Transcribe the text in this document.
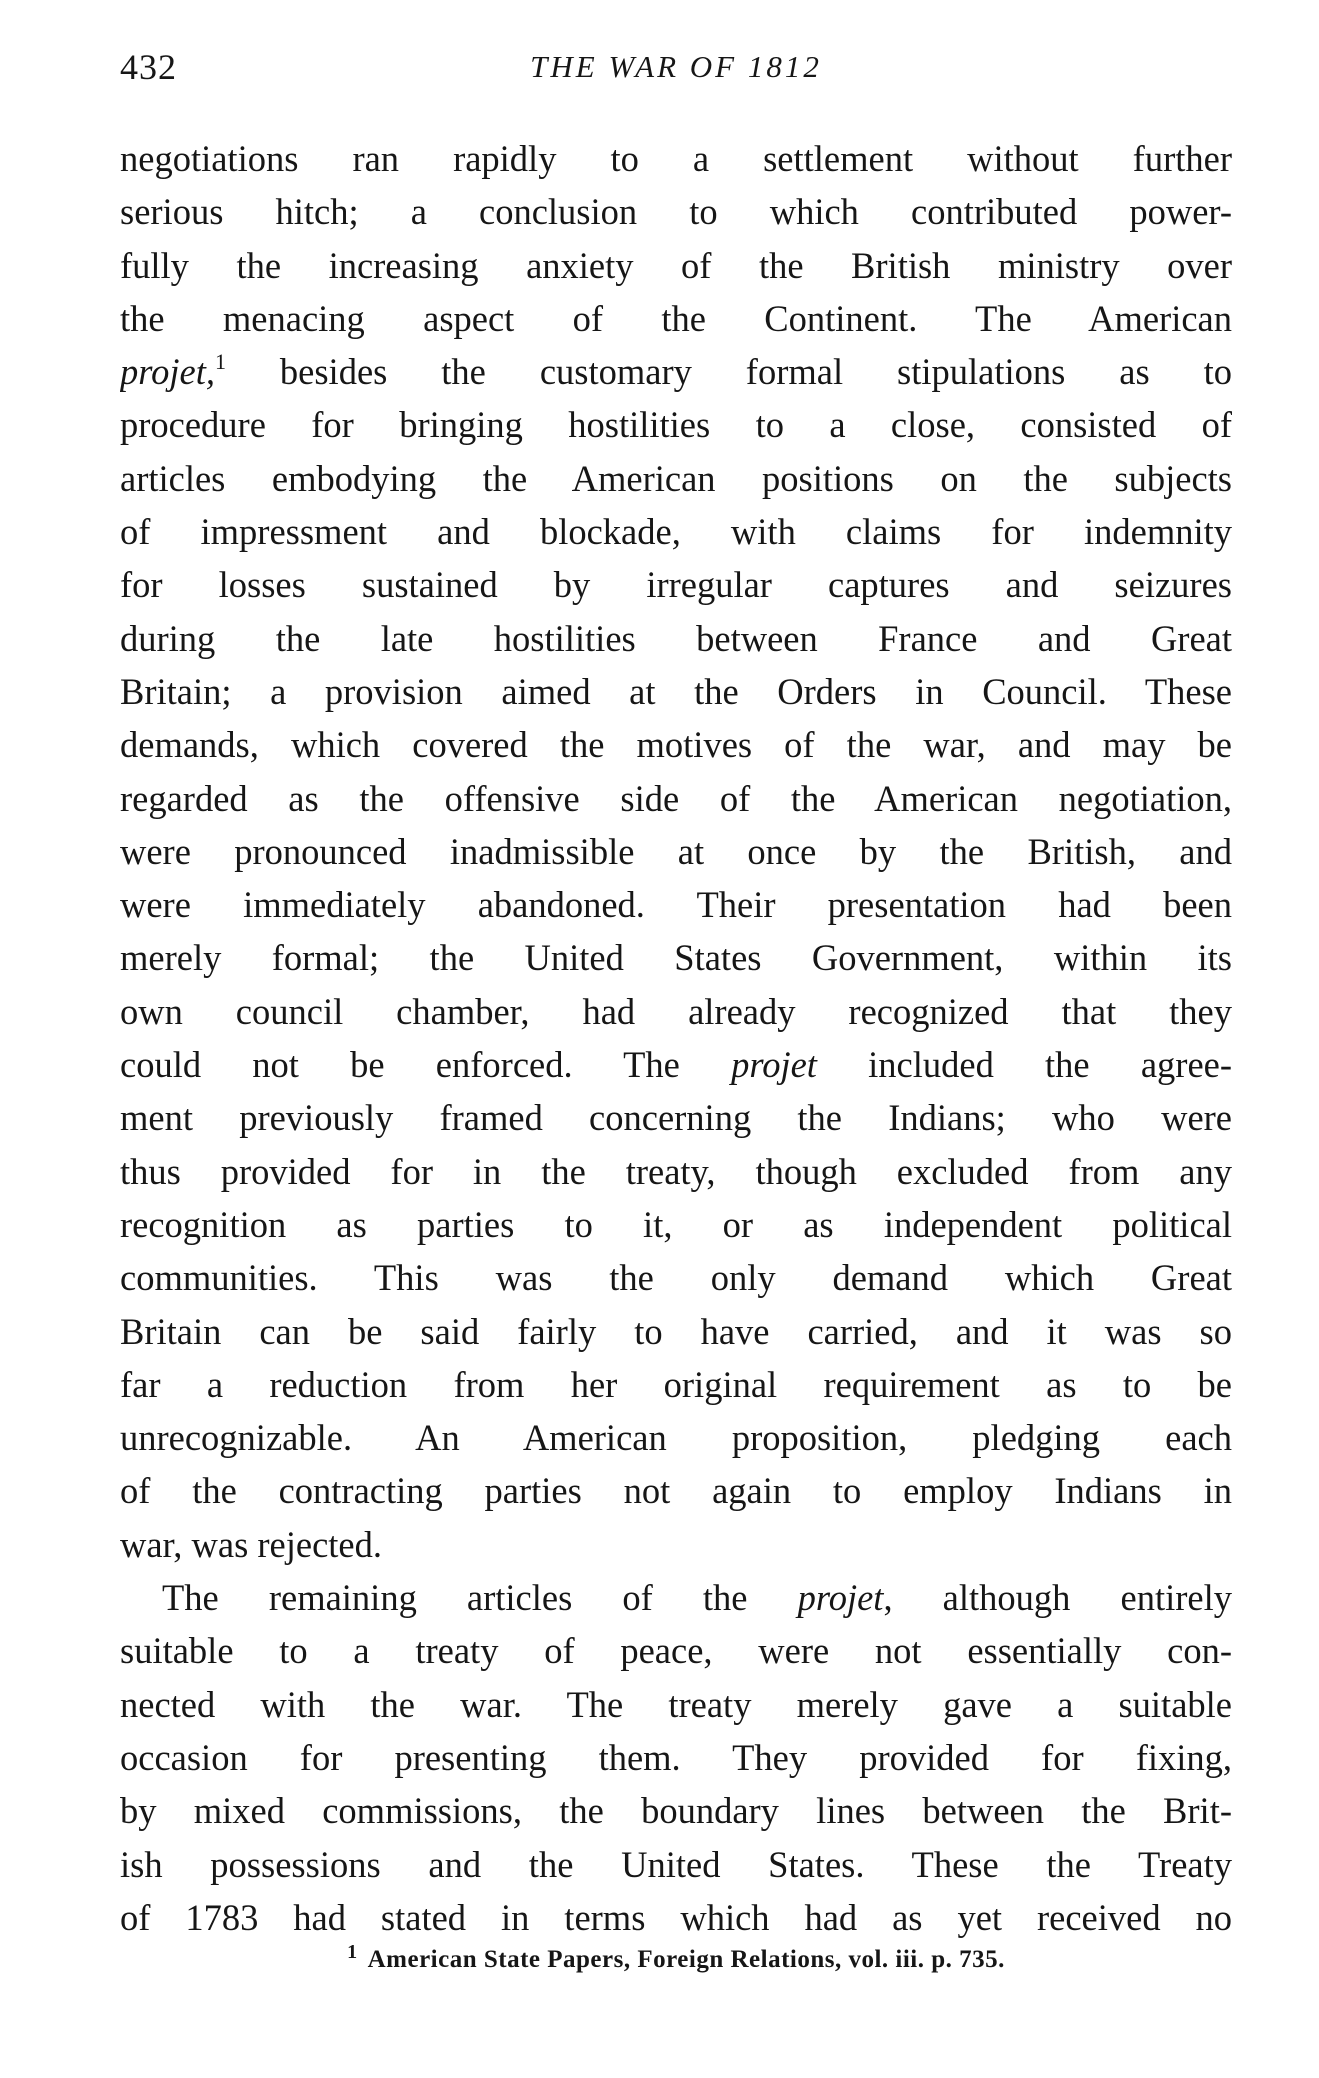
432	THE WAR OF 1812
negotiations ran rapidly to a settlement without further
serious hitch; a conclusion to which contributed power-
fully the increasing anxiety of the British ministry over
the menacing aspect of the Continent. The American
projet,$^1$ besides the customary formal stipulations as to
procedure for bringing hostilities to a close, consisted of
articles embodying the American positions on the subjects
of impressment and blockade, with claims for indemnity
for losses sustained by irregular captures and seizures
during the late hostilities between France and Great
Britain; a provision aimed at the Orders in Council. These
demands, which covered the motives of the war, and may be
regarded as the offensive side of the American negotiation,
were pronounced inadmissible at once by the British, and
were immediately abandoned. Their presentation had been
merely formal; the United States Government, within its
own council chamber, had already recognized that they
could not be enforced. The projet included the agree-
ment previously framed concerning the Indians; who were
thus provided for in the treaty, though excluded from any
recognition as parties to it, or as independent political
communities. This was the only demand which Great
Britain can be said fairly to have carried, and it was so
far a reduction from her original requirement as to be
unrecognizable. An American proposition, pledging each
of the contracting parties not again to employ Indians in
war, was rejected.
The remaining articles of the projet, although entirely
suitable to a treaty of peace, were not essentially con-
nected with the war. The treaty merely gave a suitable
occasion for presenting them. They provided for fixing,
by mixed commissions, the boundary lines between the Brit-
ish possessions and the United States. These the Treaty
of 1783 had stated in terms which had as yet received no
$^1$ American State Papers, Foreign Relations, vol. iii. p. 735.
